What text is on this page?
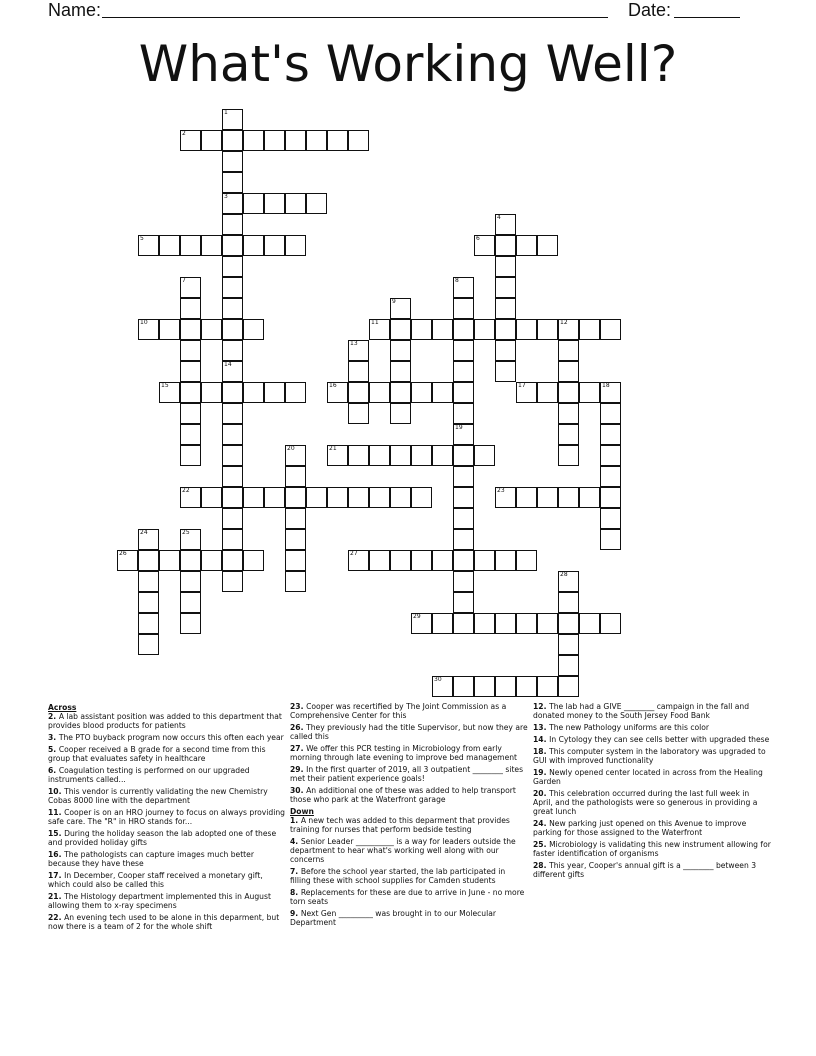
Name:	Date:
What's Working Well?
1
3
14
2
4
5	6
7	8
9
10	11	12
13
15	16	17	18
19
20	21
22	23
24	25
26	27
28
29
30
Across
2. A lab assistant position was added to this department that provides blood products for patients
3. The PTO buyback program now occurs this often each year
5. Cooper received a B grade for a second time from this group that evaluates safety in healthcare
6. Coagulation testing is performed on our upgraded instruments called...
10. This vendor is currently validating the new Chemistry Cobas 8000 line with the department
11. Cooper is on an HRO journey to focus on always providing safe care. The "R" in HRO stands for...
15. During the holiday season the lab adopted one of these and provided holiday gifts
16. The pathologists can capture images much better because they have these
17. In December, Cooper staff received a monetary gift, which could also be called this
21. The Histology department implemented this in August allowing them to x-ray specimens
22. An evening tech used to be alone in this deparment, but now there is a team of 2 for the whole shift
23. Cooper was recertified by The Joint Commission as a Comprehensive Center for this
26. They previously had the title Supervisor, but now they are called this
27. We offer this PCR testing in Microbiology from early morning through late evening to improve bed management
29. In the first quarter of 2019, all 3 outpatient ________ sites met their patient experience goals!
30. An additional one of these was added to help transport those who park at the Waterfront garage
Down
1. A new tech was added to this deparment that provides training for nurses that perform bedside testing
4. Senior Leader __________ is a way for leaders outside the department to hear what's working well along with our concerns
7. Before the school year started, the lab participated in filling these with school supplies for Camden students
8. Replacements for these are due to arrive in June - no more torn seats
9. Next Gen _________ was brought in to our Molecular Department
12. The lab had a GIVE ________ campaign in the fall and donated money to the South Jersey Food Bank
13. The new Pathology uniforms are this color
14. In Cytology they can see cells better with upgraded these
18. This computer system in the laboratory was upgraded to GUI with improved functionality
19. Newly opened center located in across from the Healing Garden
20. This celebration occurred during the last full week in April, and the pathologists were so generous in providing a great lunch
24. New parking just opened on this Avenue to improve parking for those assigned to the Waterfront
25. Microbiology is validating this new instrument allowing for faster identification of organisms
28. This year, Cooper's annual gift is a ________ between 3 different gifts
